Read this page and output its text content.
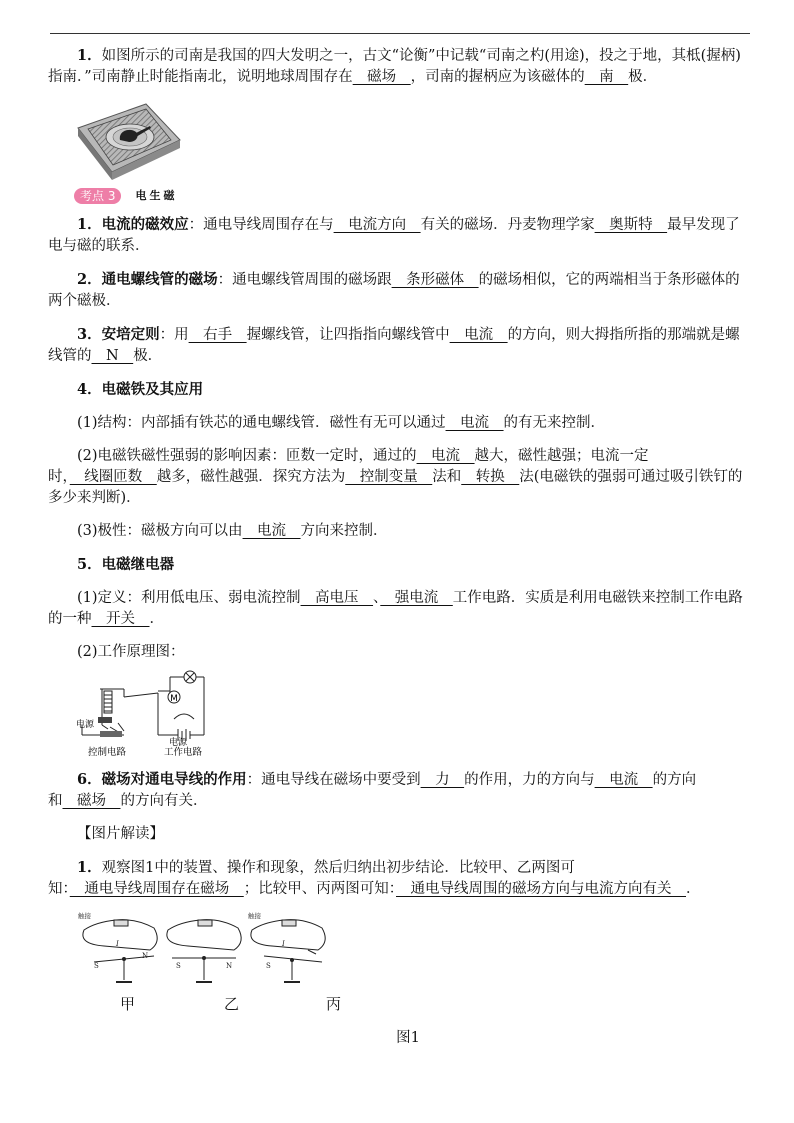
1．如图所示的司南是我国的四大发明之一，古文“论衡”中记载“司南之杓(用途)，投之于地，其柢(握柄)指南．”司南静止时能指南北，说明地球周围存在　磁场　，司南的握柄应为该磁体的　南　极．

考点 3	电生磁

1．电流的磁效应：通电导线周围存在与　电流方向　有关的磁场．丹麦物理学家　奥斯特　最早发现了电与磁的联系．

2．通电螺线管的磁场：通电螺线管周围的磁场跟　条形磁体　的磁场相似，它的两端相当于条形磁体的两个磁极．

3．安培定则：用　右手　握螺线管，让四指指向螺线管中　电流　的方向，则大拇指所指的那端就是螺线管的　N　极．

4．电磁铁及其应用

(1)结构：内部插有铁芯的通电螺线管．磁性有无可以通过　电流　的有无来控制．

(2)电磁铁磁性强弱的影响因素：匝数一定时，通过的　电流　越大，磁性越强；电流一定时，　线圈匝数　越多，磁性越强．探究方法为　控制变量　法和　转换　法(电磁铁的强弱可通过吸引铁钉的多少来判断)．

(3)极性：磁极方向可以由　电流　方向来控制．

5．电磁继电器

(1)定义：利用低电压、弱电流控制　高电压　、　强电流　工作电路．实质是利用电磁铁来控制工作电路的一种　开关　．

(2)工作原理图：

M
电源
控制电路
电源
工作电路

6．磁场对通电导线的作用：通电导线在磁场中要受到　力　的作用，力的方向与　电流　的方向和　磁场　的方向有关．

【图片解读】

1．观察图1中的装置、操作和现象，然后归纳出初步结论．比较甲、乙两图可知：　通电导线周围存在磁场　；比较甲、丙两图可知：　通电导线周围的磁场方向与电流方向有关　．

触接	触接
N
S
I
N
S	S
I
甲	乙	丙
图1
